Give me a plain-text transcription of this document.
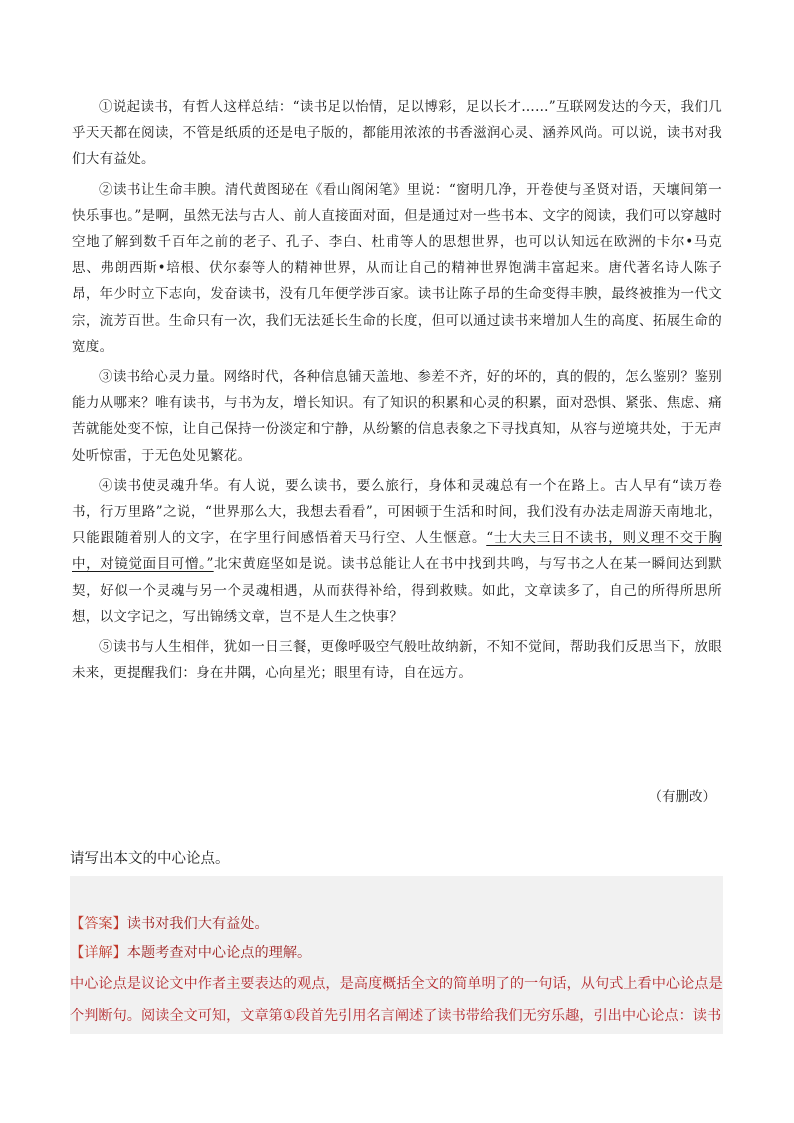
①说起读书，有哲人这样总结：“读书足以怡情，足以博彩，足以长才……”互联网发达的今天，我们几乎天天都在阅读，不管是纸质的还是电子版的，都能用浓浓的书香滋润心灵、涵养风尚。可以说，读书对我们大有益处。

②读书让生命丰腴。清代黄图珌在《看山阁闲笔》里说：“窗明几净，开卷使与圣贤对语，天壤间第一快乐事也。”是啊，虽然无法与古人、前人直接面对面，但是通过对一些书本、文字的阅读，我们可以穿越时空地了解到数千百年之前的老子、孔子、李白、杜甫等人的思想世界，也可以认知远在欧洲的卡尔•马克思、弗朗西斯•培根、伏尔泰等人的精神世界，从而让自己的精神世界饱满丰富起来。唐代著名诗人陈子昂，年少时立下志向，发奋读书，没有几年便学涉百家。读书让陈子昂的生命变得丰腴，最终被推为一代文宗，流芳百世。生命只有一次，我们无法延长生命的长度，但可以通过读书来增加人生的高度、拓展生命的宽度。

③读书给心灵力量。网络时代，各种信息铺天盖地、参差不齐，好的坏的，真的假的，怎么鉴别？鉴别能力从哪来？唯有读书，与书为友，增长知识。有了知识的积累和心灵的积累，面对恐惧、紧张、焦虑、痛苦就能处变不惊，让自己保持一份淡定和宁静，从纷繁的信息表象之下寻找真知，从容与逆境共处，于无声处听惊雷，于无色处见繁花。

④读书使灵魂升华。有人说，要么读书，要么旅行，身体和灵魂总有一个在路上。古人早有“读万卷书，行万里路”之说，“世界那么大，我想去看看”，可困顿于生活和时间，我们没有办法走周游天南地北，只能跟随着别人的文字，在字里行间感悟着天马行空、人生惬意。“士大夫三日不读书，则义理不交于胸中，对镜觉面目可憎。”北宋黄庭坚如是说。读书总能让人在书中找到共鸣，与写书之人在某一瞬间达到默契，好似一个灵魂与另一个灵魂相遇，从而获得补给，得到救赎。如此，文章读多了，自己的所得所思所想，以文字记之，写出锦绣文章，岂不是人生之快事？

⑤读书与人生相伴，犹如一日三餐，更像呼吸空气般吐故纳新，不知不觉间，帮助我们反思当下，放眼未来，更提醒我们：身在井隅，心向星光；眼里有诗，自在远方。

（有删改）
请写出本文的中心论点。
【答案】读书对我们大有益处。
【详解】本题考查对中心论点的理解。
中心论点是议论文中作者主要表达的观点，是高度概括全文的简单明了的一句话，从句式上看中心论点是
个判断句。阅读全文可知，文章第①段首先引用名言阐述了读书带给我们无穷乐趣，引出中心论点：读书
